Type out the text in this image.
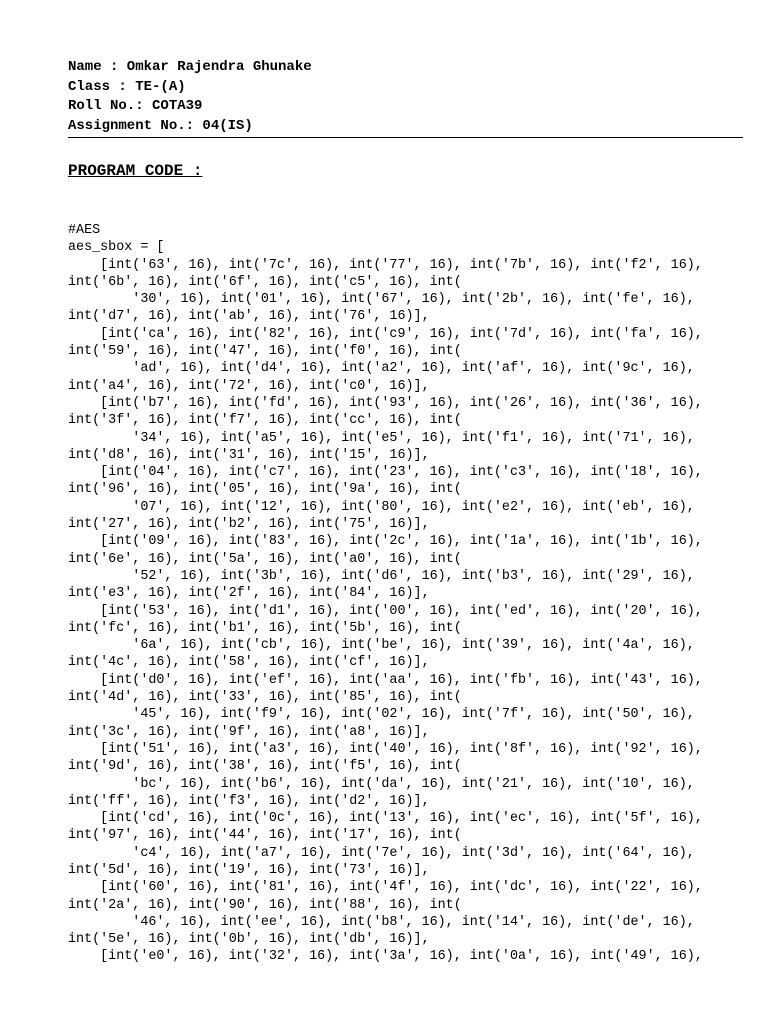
Name : Omkar Rajendra Ghunake

Class : TE-(A)

Roll No.: COTA39

Assignment No.: 04(IS)

PROGRAM CODE :

#AES
aes_sbox = [
[int('63', 16), int('7c', 16), int('77', 16), int('7b', 16), int('f2', 16),
int('6b', 16), int('6f', 16), int('c5', 16), int(
'30', 16), int('01', 16), int('67', 16), int('2b', 16), int('fe', 16),
int('d7', 16), int('ab', 16), int('76', 16)],
[int('ca', 16), int('82', 16), int('c9', 16), int('7d', 16), int('fa', 16),
int('59', 16), int('47', 16), int('f0', 16), int(
'ad', 16), int('d4', 16), int('a2', 16), int('af', 16), int('9c', 16),
int('a4', 16), int('72', 16), int('c0', 16)],
[int('b7', 16), int('fd', 16), int('93', 16), int('26', 16), int('36', 16),
int('3f', 16), int('f7', 16), int('cc', 16), int(
'34', 16), int('a5', 16), int('e5', 16), int('f1', 16), int('71', 16),
int('d8', 16), int('31', 16), int('15', 16)],
[int('04', 16), int('c7', 16), int('23', 16), int('c3', 16), int('18', 16),
int('96', 16), int('05', 16), int('9a', 16), int(
'07', 16), int('12', 16), int('80', 16), int('e2', 16), int('eb', 16),
int('27', 16), int('b2', 16), int('75', 16)],
[int('09', 16), int('83', 16), int('2c', 16), int('1a', 16), int('1b', 16),
int('6e', 16), int('5a', 16), int('a0', 16), int(
'52', 16), int('3b', 16), int('d6', 16), int('b3', 16), int('29', 16),
int('e3', 16), int('2f', 16), int('84', 16)],
[int('53', 16), int('d1', 16), int('00', 16), int('ed', 16), int('20', 16),
int('fc', 16), int('b1', 16), int('5b', 16), int(
'6a', 16), int('cb', 16), int('be', 16), int('39', 16), int('4a', 16),
int('4c', 16), int('58', 16), int('cf', 16)],
[int('d0', 16), int('ef', 16), int('aa', 16), int('fb', 16), int('43', 16),
int('4d', 16), int('33', 16), int('85', 16), int(
'45', 16), int('f9', 16), int('02', 16), int('7f', 16), int('50', 16),
int('3c', 16), int('9f', 16), int('a8', 16)],
[int('51', 16), int('a3', 16), int('40', 16), int('8f', 16), int('92', 16),
int('9d', 16), int('38', 16), int('f5', 16), int(
'bc', 16), int('b6', 16), int('da', 16), int('21', 16), int('10', 16),
int('ff', 16), int('f3', 16), int('d2', 16)],
[int('cd', 16), int('0c', 16), int('13', 16), int('ec', 16), int('5f', 16),
int('97', 16), int('44', 16), int('17', 16), int(
'c4', 16), int('a7', 16), int('7e', 16), int('3d', 16), int('64', 16),
int('5d', 16), int('19', 16), int('73', 16)],
[int('60', 16), int('81', 16), int('4f', 16), int('dc', 16), int('22', 16),
int('2a', 16), int('90', 16), int('88', 16), int(
'46', 16), int('ee', 16), int('b8', 16), int('14', 16), int('de', 16),
int('5e', 16), int('0b', 16), int('db', 16)],
[int('e0', 16), int('32', 16), int('3a', 16), int('0a', 16), int('49', 16),
